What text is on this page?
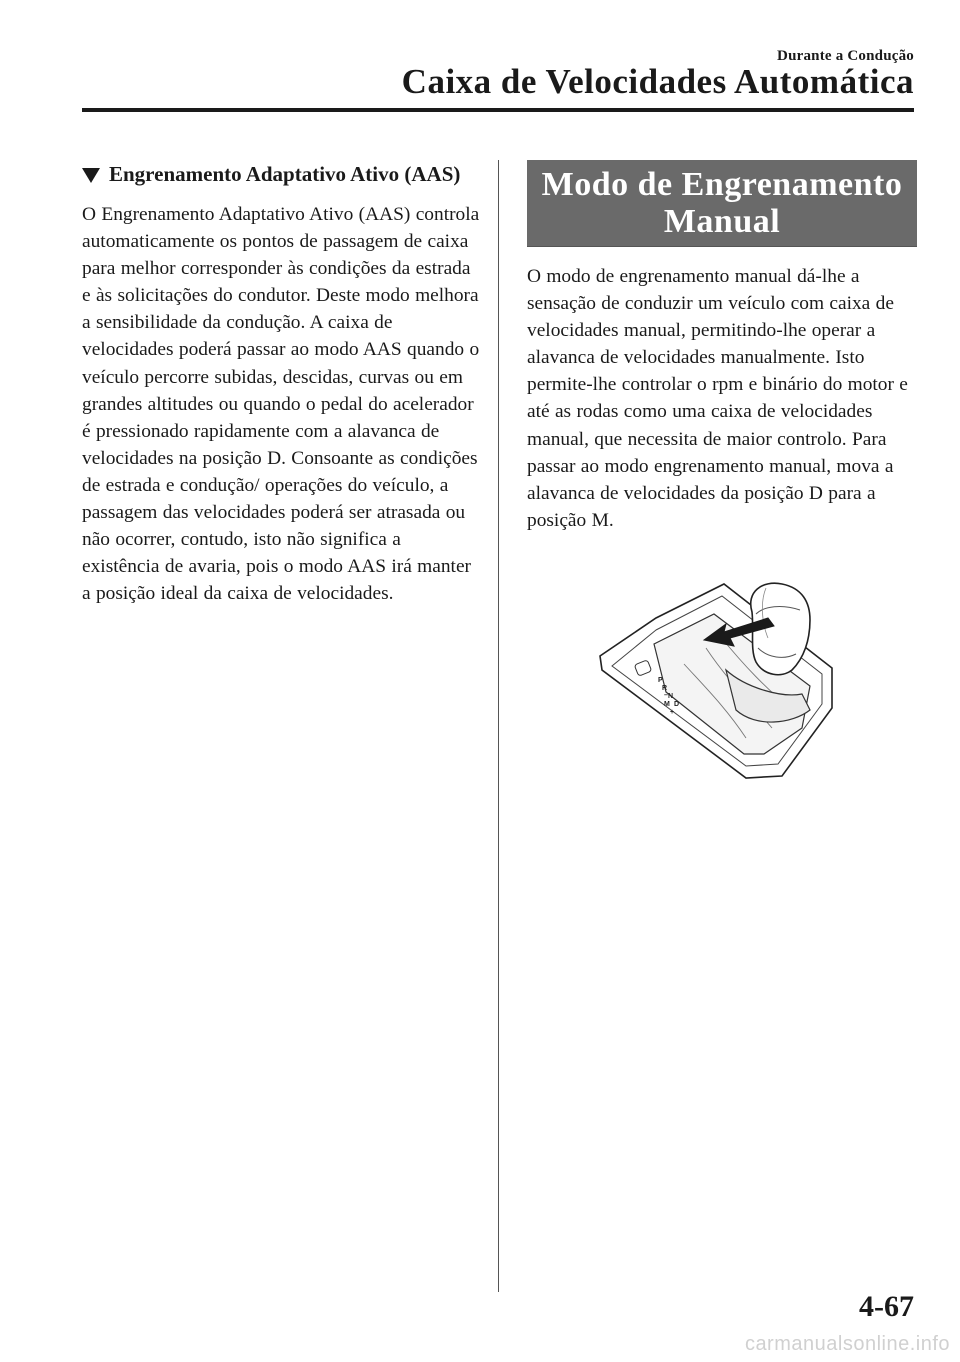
Durante a Condução
Caixa de Velocidades Automática
Engrenamento Adaptativo Ativo (AAS)

O Engrenamento Adaptativo Ativo (AAS) controla automaticamente os pontos de passagem de caixa para melhor corresponder às condições da estrada e às solicitações do condutor. Deste modo melhora a sensibilidade da condução. A caixa de velocidades poderá passar ao modo AAS quando o veículo percorre subidas, descidas, curvas ou em grandes altitudes ou quando o pedal do acelerador é pressionado rapidamente com a alavanca de velocidades na posição D. Consoante as condições de estrada e condução/ operações do veículo, a passagem das velocidades poderá ser atrasada ou não ocorrer, contudo, isto não significa a existência de avaria, pois o modo AAS irá manter a posição ideal da caixa de velocidades.

Modo de Engrenamento Manual

O modo de engrenamento manual dá-lhe a sensação de conduzir um veículo com caixa de velocidades manual, permitindo-lhe operar a alavanca de velocidades manualmente. Isto permite-lhe controlar o rpm e binário do motor e até as rodas como uma caixa de velocidades manual, que necessita de maior controlo. Para passar ao modo engrenamento manual, mova a alavanca de velocidades da posição D para a posição M.

P
R
N
D
M
–
+
4-67
carmanualsonline.info
